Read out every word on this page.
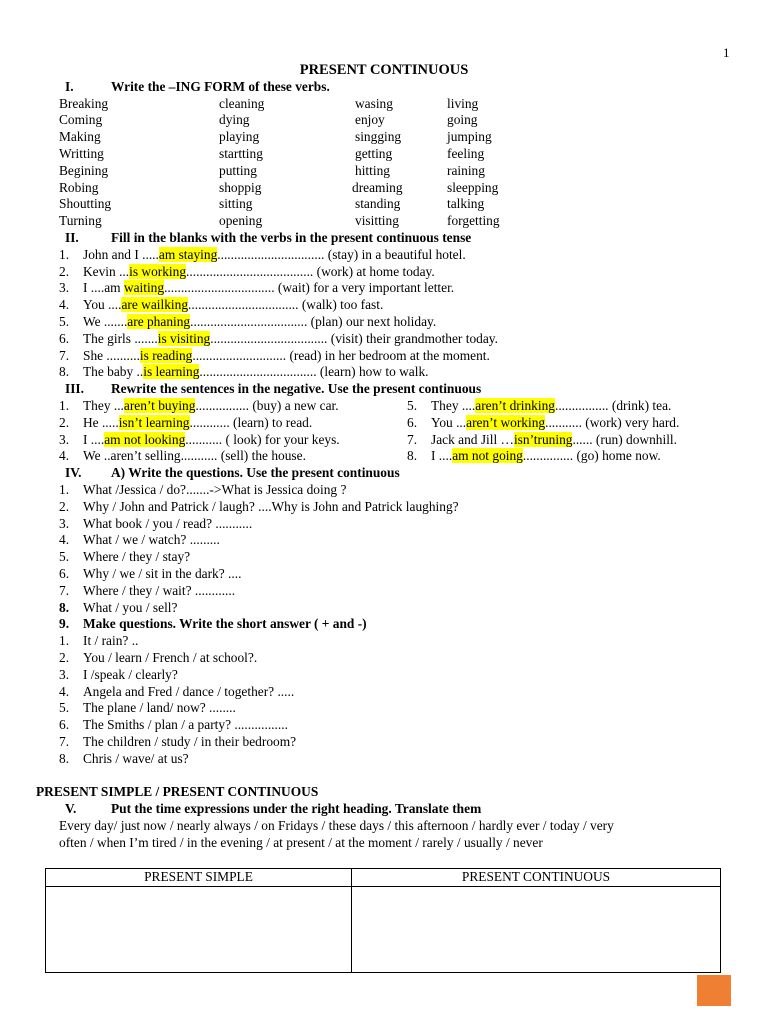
1
PRESENT CONTINUOUS
I.	Write the –ING FORM of these verbs.
Breaking	cleaning	wasing	living
Coming	dying	enjoy	going
Making	playing	singging	jumping
Writting	startting	getting	feeling
Begining	putting	hitting	raining
Robing	shoppig	dreaming	sleepping
Shoutting	sitting	standing	talking
Turning	opening	visitting	forgetting
II. Fill in the blanks with the verbs in the present continuous tense
1. John and I .....am staying................................ (stay) in a beautiful hotel.
2. Kevin ...is working...................................... (work) at home today.
3. I ....am waiting................................. (wait) for a very important letter.
4. You ....are wailking................................. (walk) too fast.
5. We .......are phaning................................... (plan) our next holiday.
6. The girls .......is visiting................................... (visit) their grandmother today.
7. She ..........is reading............................ (read) in her bedroom at the moment.
8. The baby ..is learning................................... (learn) how to walk.
III. Rewrite the sentences in the negative. Use the present continuous
1. They ...aren’t buying................ (buy) a new car.	5. They ....aren’t drinking................ (drink) tea.
2. He .....isn’t learning............ (learn) to read.	6. You ...aren’t working........... (work) very hard.
3. I ....am not looking........... ( look) for your keys.	7. Jack and Jill …isn’truning...... (run) downhill.
4. We ..aren’t selling........... (sell) the house.	8. I ....am not going............... (go) home now.
IV. A) Write the questions. Use the present continuous
1. What /Jessica / do?.......->What is Jessica doing ?
2. Why / John and Patrick / laugh? ....Why is John and Patrick laughing?
3. What book / you / read? ...........
4. What / we / watch? .........
5. Where / they / stay?
6. Why / we / sit in the dark? ....
7. Where / they / wait? ............
8. What / you / sell?
9. Make questions. Write the short answer ( + and -)
1. It / rain? ..
2. You / learn / French / at school?.
3. I /speak / clearly?
4. Angela and Fred / dance / together? .....
5. The plane / land/ now? ........
6. The Smiths / plan / a party? ................
7. The children / study / in their bedroom?
8. Chris / wave/ at us?
PRESENT SIMPLE / PRESENT CONTINUOUS
V.	Put the time expressions under the right heading. Translate them
Every day/ just now / nearly always / on Fridays / these days / this afternoon / hardly ever / today / very
often / when I’m tired / in the evening / at present / at the moment / rarely / usually / never
PRESENT SIMPLE	PRESENT CONTINUOUS
